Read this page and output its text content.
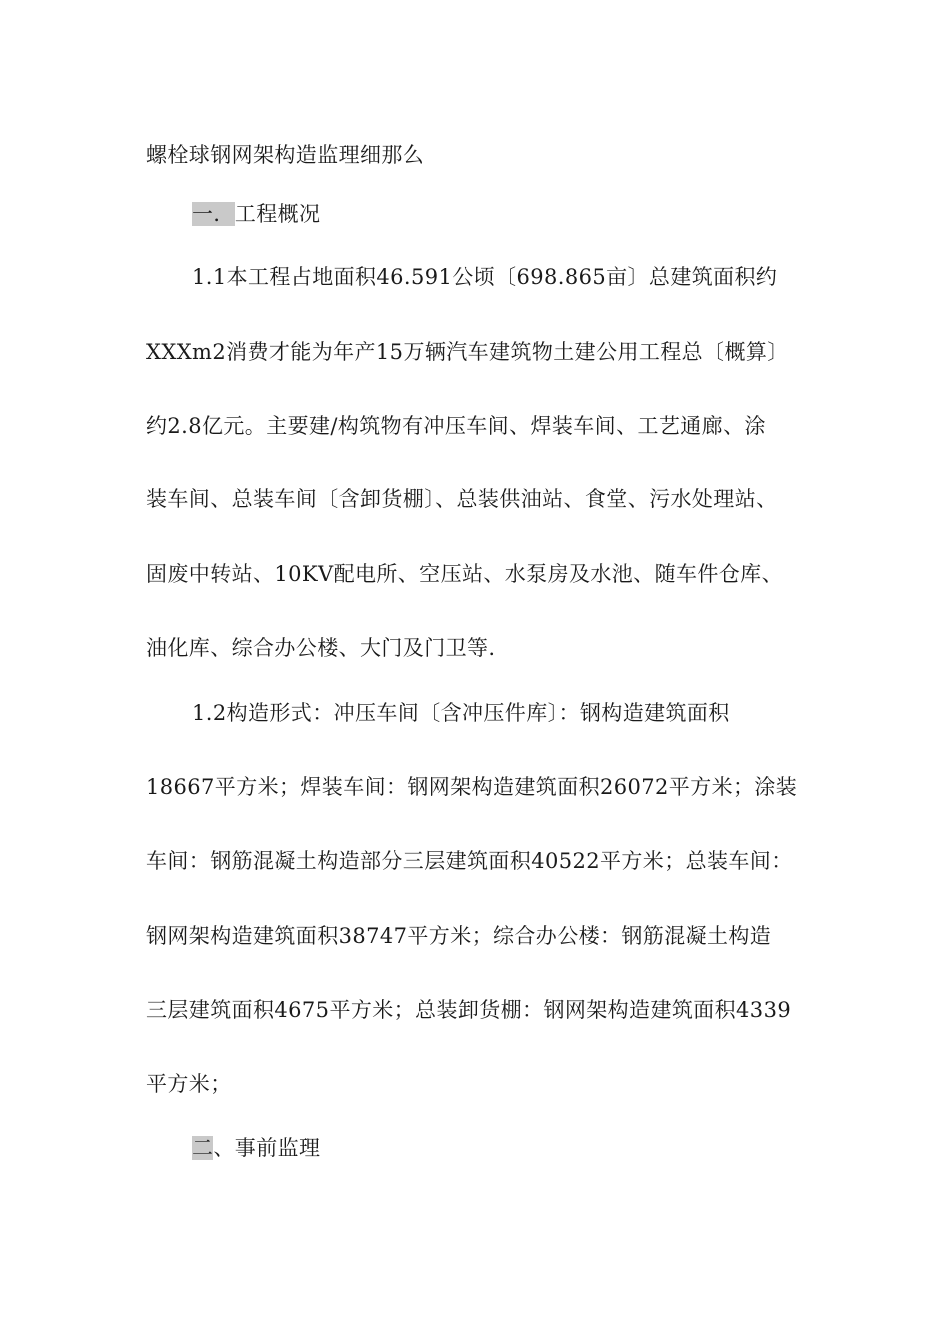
螺栓球钢网架构造监理细那么
一．工程概况
1.1本工程占地面积46.591公顷〔698.865亩〕总建筑面积约
XXXm2消费才能为年产15万辆汽车建筑物土建公用工程总〔概算〕
约2.8亿元。主要建/构筑物有冲压车间、焊装车间、工艺通廊、涂
装车间、总装车间〔含卸货棚〕、总装供油站、食堂、污水处理站、
固废中转站、10KV配电所、空压站、水泵房及水池、随车件仓库、
油化库、综合办公楼、大门及门卫等.
1.2构造形式：冲压车间〔含冲压件库〕：钢构造建筑面积
18667平方米；焊装车间：钢网架构造建筑面积26072平方米；涂装
车间：钢筋混凝土构造部分三层建筑面积40522平方米；总装车间：
钢网架构造建筑面积38747平方米；综合办公楼：钢筋混凝土构造
三层建筑面积4675平方米；总装卸货棚：钢网架构造建筑面积4339
平方米；
二、事前监理
